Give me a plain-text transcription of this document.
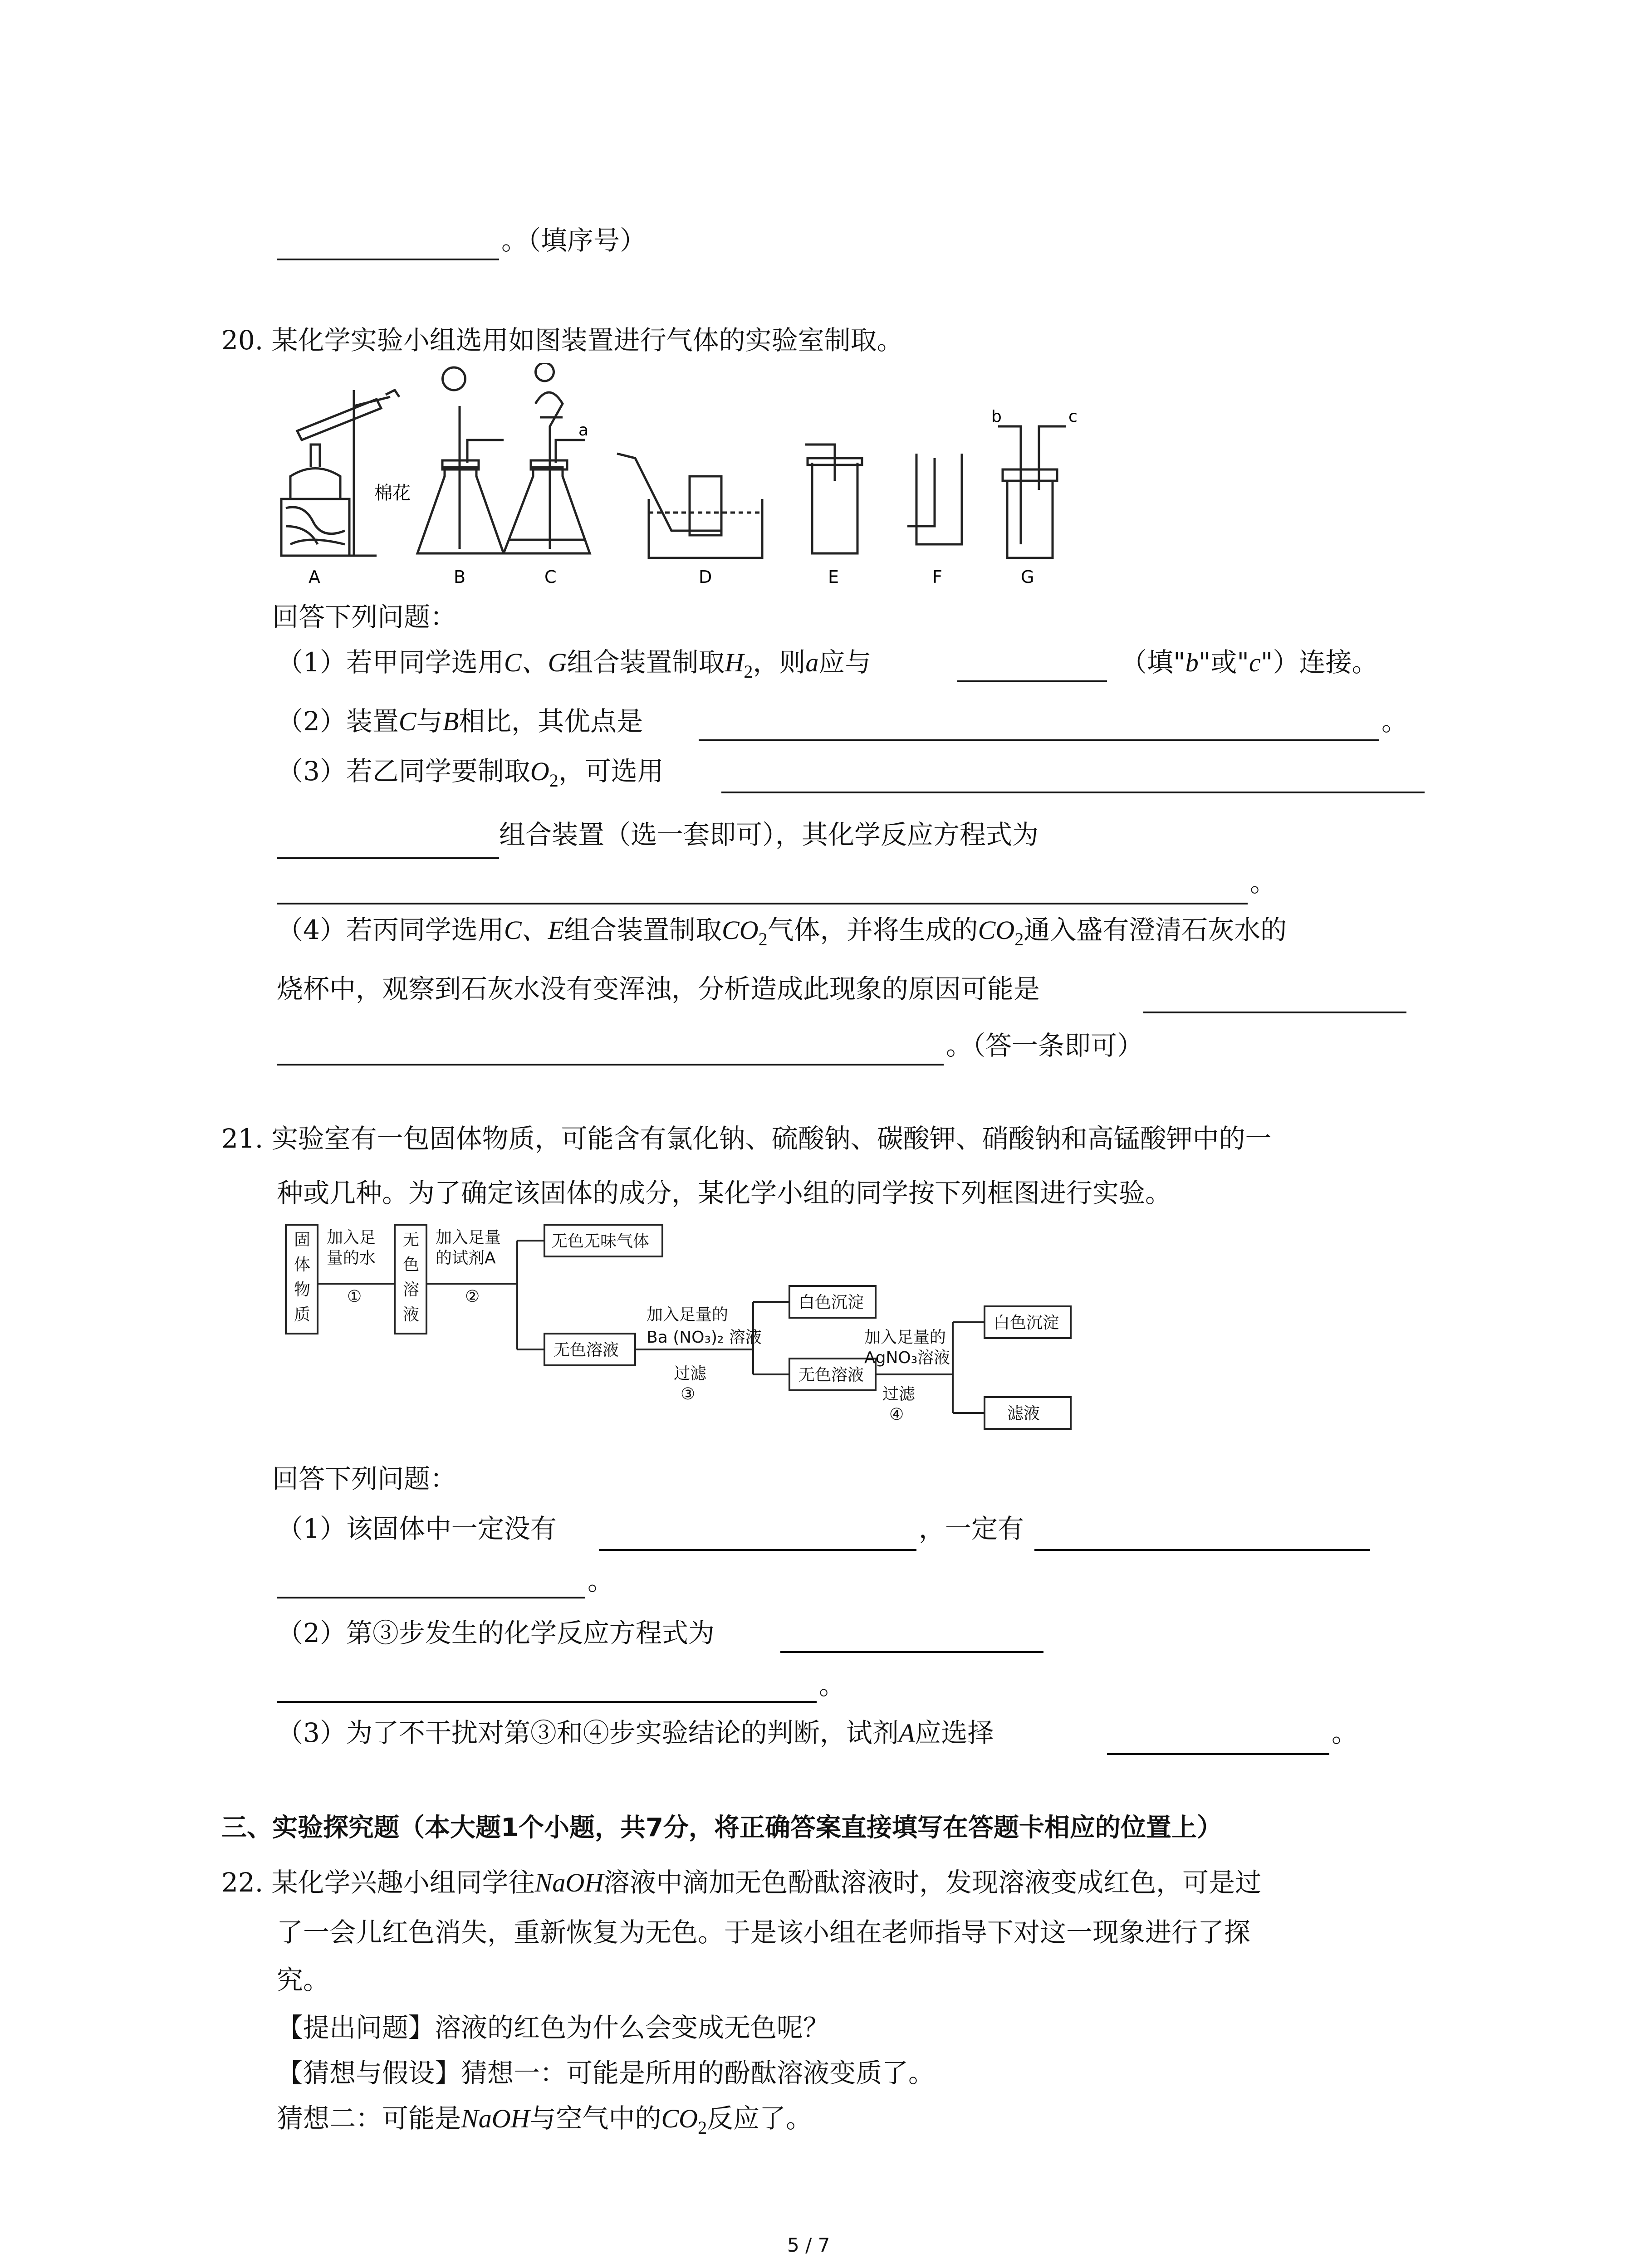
。（填序号）
20. 某化学实验小组选用如图装置进行气体的实验室制取。
棉花
A	B	C	D	E	F	G
a
b	c
回答下列问题：
（1）若甲同学选用C、G组合装置制取$H_2$，则a应与	（填"b"或"c"）连接。
（2）装置C与B相比，其优点是	。
（3）若乙同学要制取$O_2$，可选用
组合装置（选一套即可），其化学反应方程式为
。
（4）若丙同学选用C、E组合装置制取$CO_2$气体，并将生成的$CO_2$通入盛有澄清石灰水的
烧杯中，观察到石灰水没有变浑浊，分析造成此现象的原因可能是
。（答一条即可）
21. 实验室有一包固体物质，可能含有氯化钠、硫酸钠、碳酸钾、硝酸钠和高锰酸钾中的一
种或几种。为了确定该固体的成分，某化学小组的同学按下列框图进行实验。
固
体
物
质
加入足
量的水
①
无
色
溶
液
加入足量
的试剂A
②
无色无味气体
无色溶液
加入足量的
Ba (NO₃)₂ 溶液
过滤
③
白色沉淀
无色溶液
加入足量的
AgNO₃溶液
过滤
④
白色沉淀
滤液
回答下列问题：
（1）该固体中一定没有	，一定有
。
（2）第③步发生的化学反应方程式为
。
（3）为了不干扰对第③和④步实验结论的判断，试剂A应选择	。
三、实验探究题（本大题1个小题，共7分，将正确答案直接填写在答题卡相应的位置上）
22. 某化学兴趣小组同学往NaOH溶液中滴加无色酚酞溶液时，发现溶液变成红色，可是过
了一会儿红色消失，重新恢复为无色。于是该小组在老师指导下对这一现象进行了探
究。
【提出问题】溶液的红色为什么会变成无色呢？
【猜想与假设】猜想一：可能是所用的酚酞溶液变质了。
猜想二：可能是NaOH与空气中的$CO_2$反应了。
5 / 7
